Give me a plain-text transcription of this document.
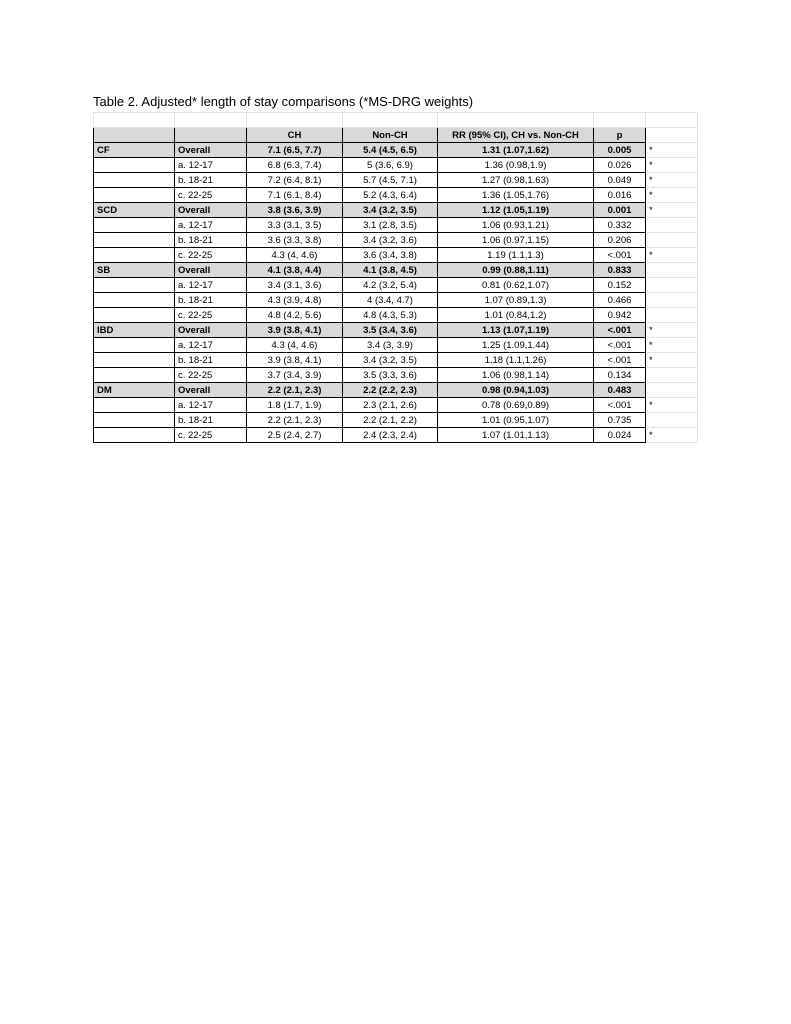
Table 2. Adjusted* length of stay comparisons (*MS-DRG weights)

		CH	Non-CH	RR (95% CI), CH vs. Non-CH	p	
CF	Overall	7.1 (6.5, 7.7)	5.4 (4.5, 6.5)	1.31 (1.07,1.62)	0.005	*
	a. 12-17	6.8 (6.3, 7.4)	5 (3.6, 6.9)	1.36 (0.98,1.9)	0.026	*
	b. 18-21	7.2 (6.4, 8.1)	5.7 (4.5, 7.1)	1.27 (0.98,1.63)	0.049	*
	c. 22-25	7.1 (6.1, 8.4)	5.2 (4.3, 6.4)	1.36 (1.05,1.76)	0.016	*
SCD	Overall	3.8 (3.6, 3.9)	3.4 (3.2, 3.5)	1.12 (1.05,1.19)	0.001	*
	a. 12-17	3.3 (3.1, 3.5)	3.1 (2.8, 3.5)	1.06 (0.93,1.21)	0.332	
	b. 18-21	3.6 (3.3, 3.8)	3.4 (3.2, 3.6)	1.06 (0.97,1.15)	0.206	
	c. 22-25	4.3 (4, 4.6)	3.6 (3.4, 3.8)	1.19 (1.1,1.3)	<.001	*
SB	Overall	4.1 (3.8, 4.4)	4.1 (3.8, 4.5)	0.99 (0.88,1.11)	0.833	
	a. 12-17	3.4 (3.1, 3.6)	4.2 (3.2, 5.4)	0.81 (0.62,1.07)	0.152	
	b. 18-21	4.3 (3.9, 4.8)	4 (3.4, 4.7)	1.07 (0.89,1.3)	0.466	
	c. 22-25	4.8 (4.2, 5.6)	4.8 (4.3, 5.3)	1.01 (0.84,1.2)	0.942	
IBD	Overall	3.9 (3.8, 4.1)	3.5 (3.4, 3.6)	1.13 (1.07,1.19)	<.001	*
	a. 12-17	4.3 (4, 4.6)	3.4 (3, 3.9)	1.25 (1.09,1.44)	<.001	*
	b. 18-21	3.9 (3.8, 4.1)	3.4 (3.2, 3.5)	1.18 (1.1,1.26)	<.001	*
	c. 22-25	3.7 (3.4, 3.9)	3.5 (3.3, 3.6)	1.06 (0.98,1.14)	0.134	
DM	Overall	2.2 (2.1, 2.3)	2.2 (2.2, 2.3)	0.98 (0.94,1.03)	0.483	
	a. 12-17	1.8 (1.7, 1.9)	2.3 (2.1, 2.6)	0.78 (0.69,0.89)	<.001	*
	b. 18-21	2.2 (2.1, 2.3)	2.2 (2.1, 2.2)	1.01 (0.95,1.07)	0.735	
	c. 22-25	2.5 (2.4, 2.7)	2.4 (2.3, 2.4)	1.07 (1.01,1.13)	0.024	*
